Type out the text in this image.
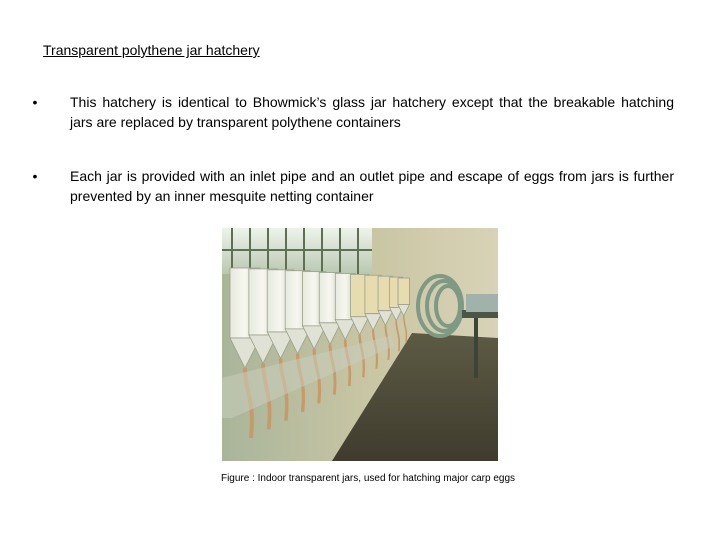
Transparent polythene jar hatchery
• This hatchery is identical to Bhowmick’s glass jar hatchery except that the breakable hatching jars are replaced by transparent polythene containers
• Each jar is provided with an inlet pipe and an outlet pipe and escape of eggs from jars is further prevented by an inner mesquite netting container
Figure : Indoor transparent jars, used for hatching major carp eggs
